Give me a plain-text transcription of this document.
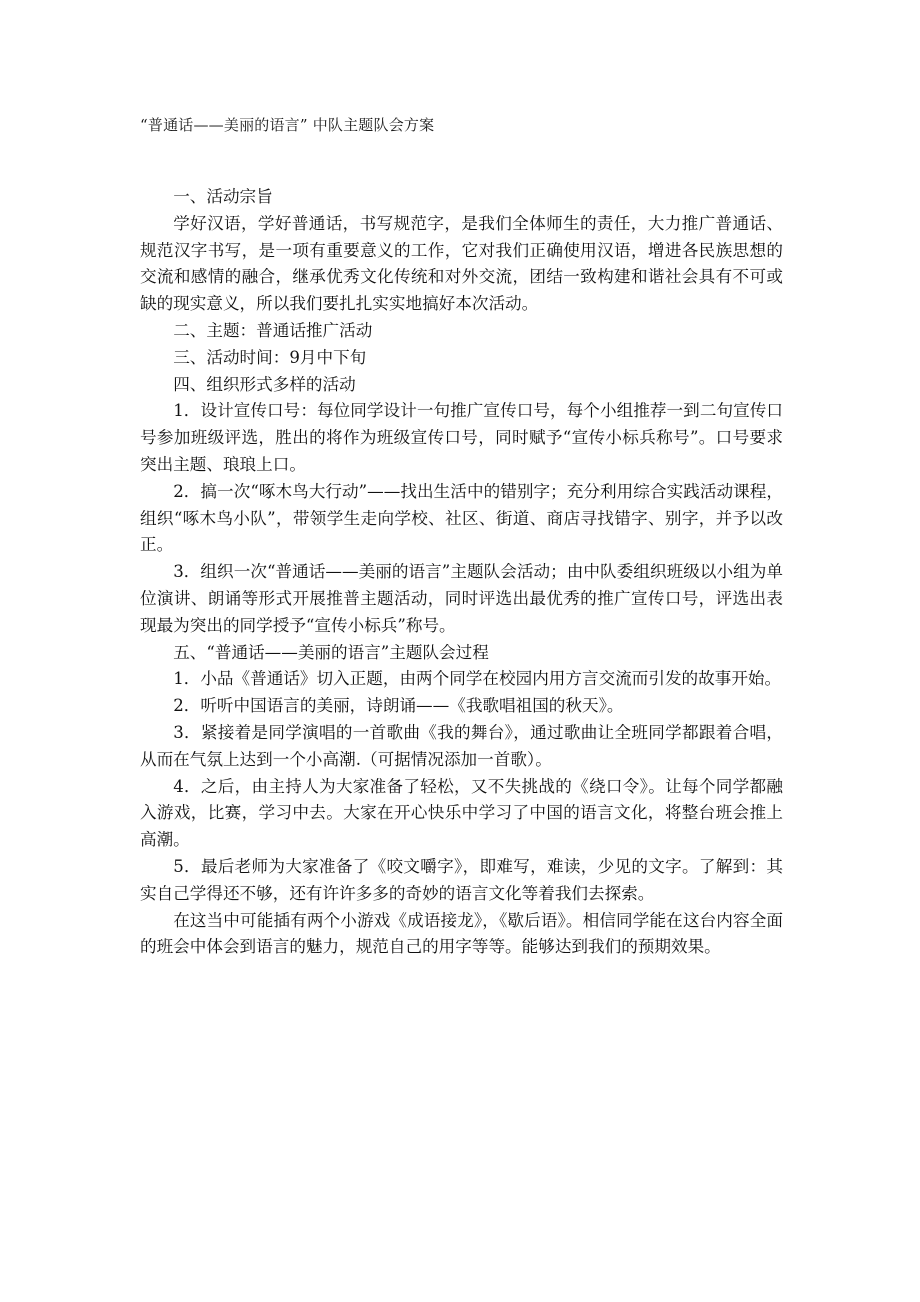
“普通话——美丽的语言” 中队主题队会方案

一、活动宗旨

学好汉语，学好普通话，书写规范字，是我们全体师生的责任，大力推广普通话、规范汉字书写，是一项有重要意义的工作，它对我们正确使用汉语，增进各民族思想的交流和感情的融合，继承优秀文化传统和对外交流，团结一致构建和谐社会具有不可或缺的现实意义，所以我们要扎扎实实地搞好本次活动。

二、主题：普通话推广活动

三、活动时间：9月中下旬

四、组织形式多样的活动

1．设计宣传口号：每位同学设计一句推广宣传口号，每个小组推荐一到二句宣传口号参加班级评选，胜出的将作为班级宣传口号，同时赋予“宣传小标兵称号”。口号要求突出主题、琅琅上口。

2．搞一次“啄木鸟大行动”——找出生活中的错别字；充分利用综合实践活动课程，组织“啄木鸟小队”，带领学生走向学校、社区、街道、商店寻找错字、别字，并予以改正。

3．组织一次“普通话——美丽的语言”主题队会活动；由中队委组织班级以小组为单位演讲、朗诵等形式开展推普主题活动，同时评选出最优秀的推广宣传口号，评选出表现最为突出的同学授予“宣传小标兵”称号。

五、“普通话——美丽的语言”主题队会过程

1．小品《普通话》切入正题，由两个同学在校园内用方言交流而引发的故事开始。

2．听听中国语言的美丽，诗朗诵——《我歌唱祖国的秋天》。

3．紧接着是同学演唱的一首歌曲《我的舞台》，通过歌曲让全班同学都跟着合唱，从而在气氛上达到一个小高潮.（可据情况添加一首歌）。

4．之后，由主持人为大家准备了轻松，又不失挑战的《绕口令》。让每个同学都融入游戏，比赛，学习中去。大家在开心快乐中学习了中国的语言文化，将整台班会推上高潮。

5．最后老师为大家准备了《咬文嚼字》，即难写，难读，少见的文字。了解到：其实自己学得还不够，还有许许多多的奇妙的语言文化等着我们去探索。

在这当中可能插有两个小游戏《成语接龙》，《歇后语》。相信同学能在这台内容全面的班会中体会到语言的魅力，规范自己的用字等等。能够达到我们的预期效果。
